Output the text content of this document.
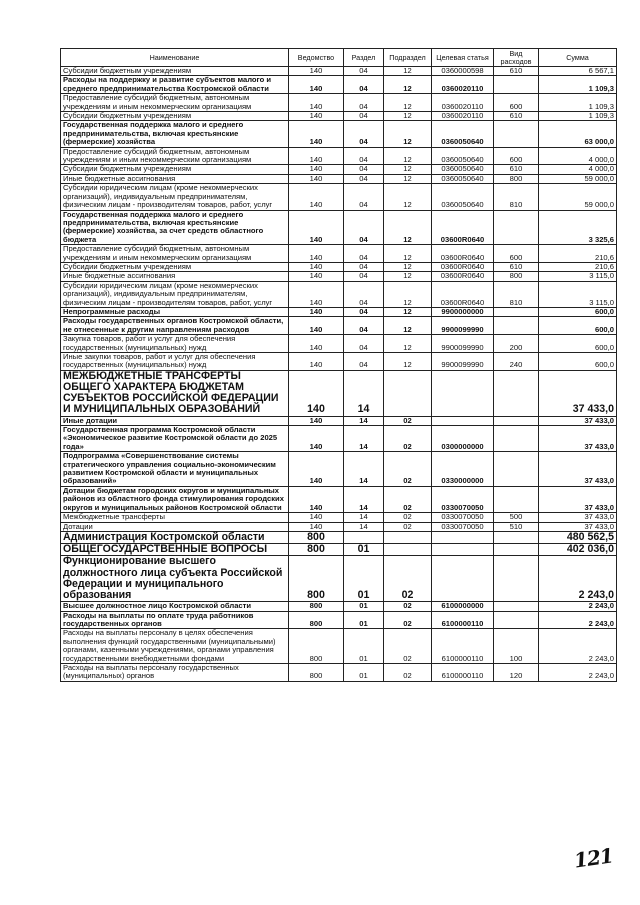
Наименование	Ведомство	Раздел	Подраздел	Целевая статья	Вид расходов	Сумма
Субсидии бюджетным учреждениям	140	04	12	0360000598	610	6 567,1
Расходы на поддержку и развитие субъектов малого и среднего предпринимательства Костромской области	140	04	12	0360020110		1 109,3
Предоставление субсидий бюджетным, автономным учреждениям и иным некоммерческим организациям	140	04	12	0360020110	600	1 109,3
Субсидии бюджетным учреждениям	140	04	12	0360020110	610	1 109,3
Государственная поддержка малого и среднего предпринимательства, включая крестьянские (фермерские) хозяйства	140	04	12	0360050640		63 000,0
Предоставление субсидий бюджетным, автономным учреждениям и иным некоммерческим организациям	140	04	12	0360050640	600	4 000,0
Субсидии бюджетным учреждениям	140	04	12	0360050640	610	4 000,0
Иные бюджетные ассигнования	140	04	12	0360050640	800	59 000,0
Субсидии юридическим лицам (кроме некоммерческих организаций), индивидуальным предпринимателям, физическим лицам - производителям товаров, работ, услуг	140	04	12	0360050640	810	59 000,0
Государственная поддержка малого и среднего предпринимательства, включая крестьянские (фермерские) хозяйства, за счет средств областного бюджета	140	04	12	03600R0640		3 325,6
Предоставление субсидий бюджетным, автономным учреждениям и иным некоммерческим организациям	140	04	12	03600R0640	600	210,6
Субсидии бюджетным учреждениям	140	04	12	03600R0640	610	210,6
Иные бюджетные ассигнования	140	04	12	03600R0640	800	3 115,0
Субсидии юридическим лицам (кроме некоммерческих организаций), индивидуальным предпринимателям, физическим лицам - производителям товаров, работ, услуг	140	04	12	03600R0640	810	3 115,0
Непрограммные расходы	140	04	12	9900000000		600,0
Расходы государственных органов Костромской области, не отнесенные к другим направлениям расходов	140	04	12	9900099990		600,0
Закупка товаров, работ и услуг для обеспечения государственных (муниципальных) нужд	140	04	12	9900099990	200	600,0
Иные закупки товаров, работ и услуг для обеспечения государственных (муниципальных) нужд	140	04	12	9900099990	240	600,0
МЕЖБЮДЖЕТНЫЕ ТРАНСФЕРТЫ ОБЩЕГО ХАРАКТЕРА БЮДЖЕТАМ СУБЪЕКТОВ РОССИЙСКОЙ ФЕДЕРАЦИИ И МУНИЦИПАЛЬНЫХ ОБРАЗОВАНИЙ	140	14				37 433,0
Иные дотации	140	14	02			37 433,0
Государственная программа Костромской области «Экономическое развитие Костромской области до 2025 года»	140	14	02	0300000000		37 433,0
Подпрограмма «Совершенствование системы стратегического управления социально-экономическим развитием Костромской области и муниципальных образований»	140	14	02	0330000000		37 433,0
Дотации бюджетам городских округов и муниципальных районов из областного фонда стимулирования городских округов и муниципальных районов Костромской области	140	14	02	0330070050		37 433,0
Межбюджетные трансферты	140	14	02	0330070050	500	37 433,0
Дотации	140	14	02	0330070050	510	37 433,0
Администрация Костромской области	800					480 562,5
ОБЩЕГОСУДАРСТВЕННЫЕ ВОПРОСЫ	800	01				402 036,0
Функционирование высшего должностного лица субъекта Российской Федерации и муниципального образования	800	01	02			2 243,0
Высшее должностное лицо Костромской области	800	01	02	6100000000		2 243,0
Расходы на выплаты по оплате труда работников государственных органов	800	01	02	6100000110		2 243,0
Расходы на выплаты персоналу в целях обеспечения выполнения функций государственными (муниципальными) органами, казенными учреждениями, органами управления государственными внебюджетными фондами	800	01	02	6100000110	100	2 243,0
Расходы на выплаты персоналу государственных (муниципальных) органов	800	01	02	6100000110	120	2 243,0
121
